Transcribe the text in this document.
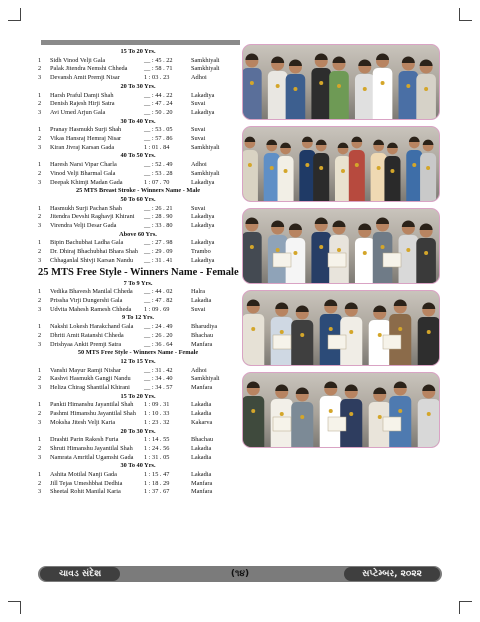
15 To 20 Yrs.
1	Sidh Vinod Velji Gala	__ : 45 . 22	Samkhiyali
2	Palak Jitendra Nemshi Chheda	__ : 58 . 71	Samkhiyali
3	Devansh Amit Premji Nisar	1 : 03 . 23	Adhoi
20 To 30 Yrs.
1	Harsh Praful Damji Shah	__ : 44 . 22	Lakadiya
2	Denish Rajesh Hirji Satra	__ : 47 . 24	Suvai
3	Avi Umed Arjun Gala	__ : 50 . 20	Lakadiya
30 To 40 Yrs.
1	Pranay Hasmukh Surji Shah	__ : 53 . 05	Suvai
2	Vikas Hansraj Hemraj Nisar	__ : 57 . 86	Suvai
3	Kiran Jivraj Karsan Gada	1 : 01 . 84	Samkhiyali
40 To 50 Yrs.
1	Haresh Narsi Vipar Charla	__ : 52 . 49	Adhoi
2	Vinod Velji Bharmal Gala	__ : 53 . 28	Samkhiyali
3	Deepak Khimji Madan Gada	1 : 07 . 70	Lakadiya
25 MTS Breast Stroke - Winners Name - Male
50 To 60 Yrs.
1	Hasmukh Surji Pachan Shah	__ : 26 . 21	Suvai
2	Jitendra Devshi Raghavji Khirani	__ : 28 . 90	Lakadiya
3	Virendra Velji Desar Gada	__ : 33 . 80	Lakadiya
Above 60 Yrs.
1	Bipin Bachubhai Ladha Gala	__ : 27 . 98	Lakadiya
2	Dr. Dhiraj Bhachubhai Bhara Shah __ : 29 . 09	Trambo
3	Chhaganlal Shivji Karsan Nandu	__ : 31 . 41	Lakadiya
25 MTS Free Style - Winners Name - Female
7 To 9 Yrs.
1	Vedika Bhavesh Manilal Chheda	__ : 44 . 02	Halra
2	Prissha Virji Dungershi Gala	__ : 47 . 82	Lakadia
3	Udvita Mahesh Ramesh Chheda	1 : 09 . 69	Suvai
9 To 12 Yrs.
1	Nakshi Lokesh Harakchand Gala	__ : 24 . 49	Bharudiya
2	Dhriti Amit Ratanshi Chheda	__ : 26 . 20	Bhachau
3	Drishyaa Ankit Premji Satra	__ : 36 . 64	Manfara
50 MTS Free Style - Winners Name - Female
12 To 15 Yrs.
1	Vanshi Mayur Ramji Nishar	__ : 31 . 42	Adhoi
2	Kashvi Hasmukh Gangji Nandu	__ : 34 . 40	Samkhiyali
3	Heliza Chirag Shantilal Khirani	__ : 34 . 57	Manfara
15 To 20 Yrs.
1	Pankti Himanshu Jayantilal Shah	1 : 09 . 31	Lakadia
2	Pashmi Himanshu Jayantilal Shah	1 : 10 . 33	Lakadia
3	Moksha Jitesh Velji Karia	1 : 23 . 32	Kakarva
20 To 30 Yrs.
1	Drashti Parin Rakesh Furia	1 : 14 . 55	Bhachau
2	Shruti Himanshu Jayantilal Shah	1 : 24 . 56	Lakadia
3	Namrata Amritlal Ugamshi Gada	1 : 31 . 05	Lakadia
30 To 40 Yrs.
1	Ashita Motilal Nanji Gada	1 : 15 . 47	Lakadia
2	Jill Tejas Umeshbhai Dedhia	1 : 18 . 29	Manfara
3	Sheetal Rohit Manilal Karia	1 : 37 . 67	Manfara
ચાવડ સંદેશ	(૧૪)	સપ્ટેમ્બર, ૨૦૨૨
